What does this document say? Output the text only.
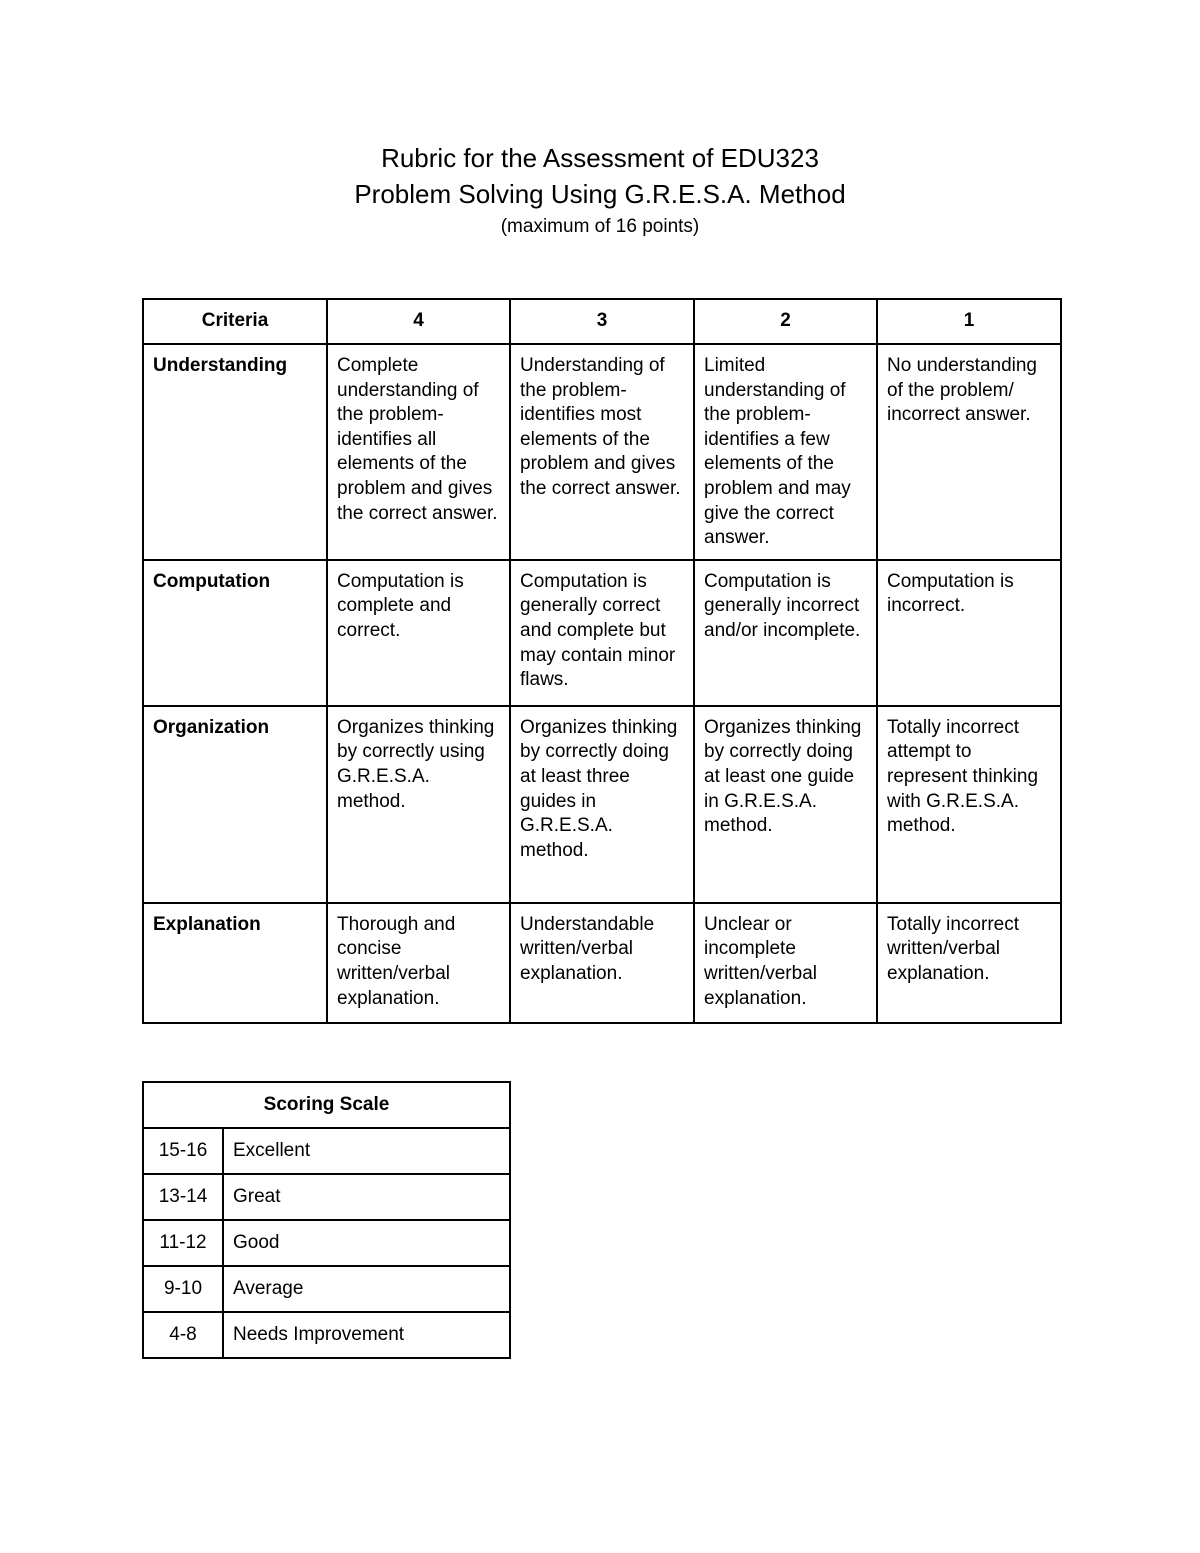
Rubric for the Assessment of EDU323

Problem Solving Using G.R.E.S.A. Method

(maximum of 16 points)

Criteria	4	3	2	1
Understanding	Complete understanding of the problem- identifies all elements of the problem and gives the correct answer.	Understanding of the problem- identifies most elements of the problem and gives the correct answer.	Limited understanding of the problem- identifies a few elements of the problem and may give the correct answer.	No understanding of the problem/ incorrect answer.
Computation	Computation is complete and correct.	Computation is generally correct and complete but may contain minor flaws.	Computation is generally incorrect and/or incomplete.	Computation is incorrect.
Organization	Organizes thinking by correctly using G.R.E.S.A. method.	Organizes thinking by correctly doing at least three guides in G.R.E.S.A. method.	Organizes thinking by correctly doing at least one guide in G.R.E.S.A. method.	Totally incorrect attempt to represent thinking with G.R.E.S.A. method.
Explanation	Thorough and concise written/verbal explanation.	Understandable written/verbal explanation.	Unclear or incomplete written/verbal explanation.	Totally incorrect written/verbal explanation.
Scoring Scale	
15-16	Excellent
13-14	Great
11-12	Good
9-10	Average
4-8	Needs Improvement
